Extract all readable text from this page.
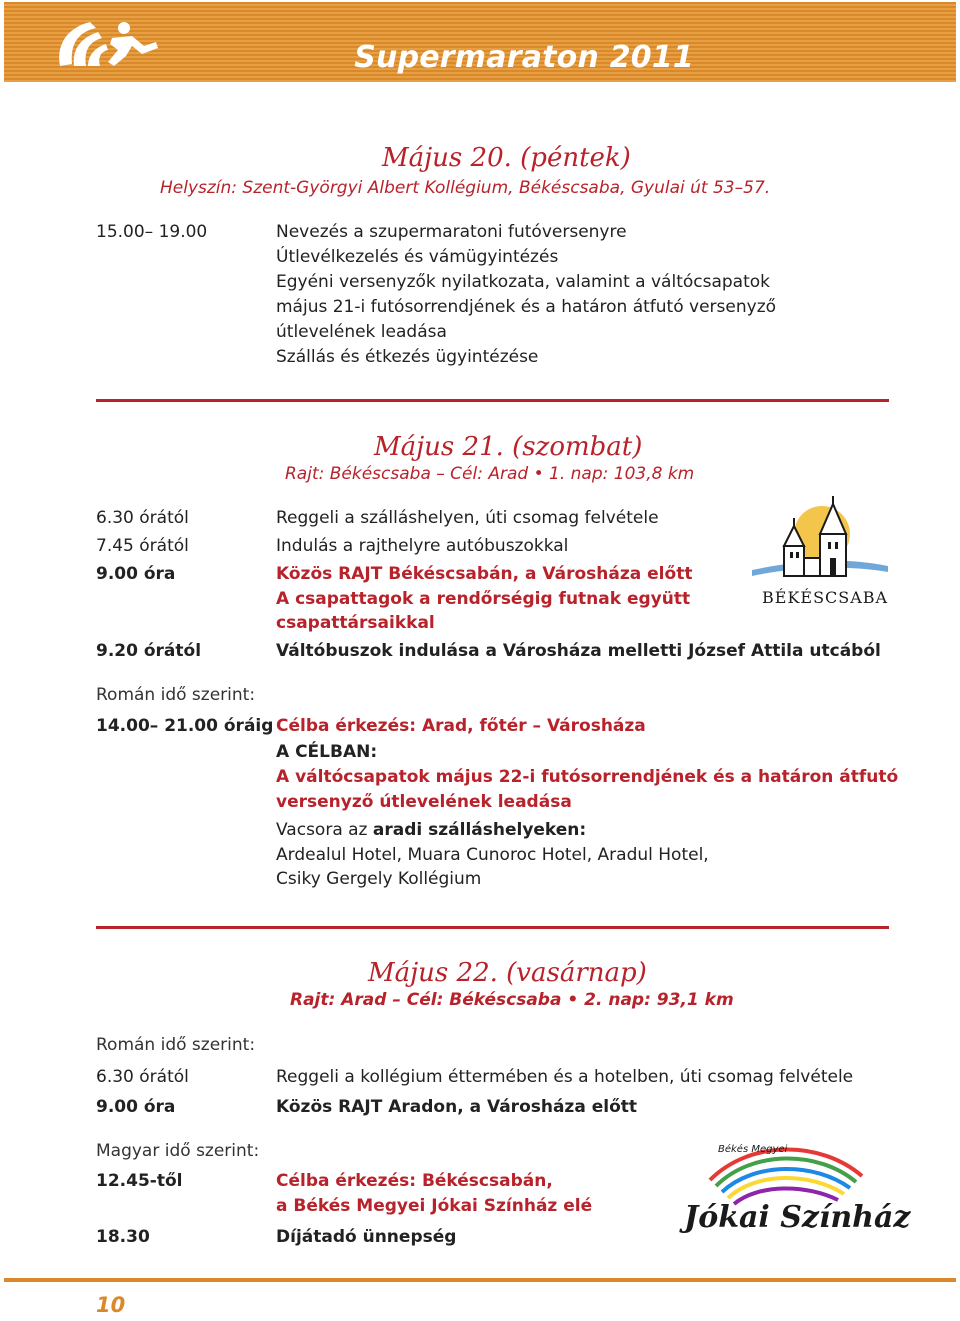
Supermaraton 2011
Május 20. (péntek)
Helyszín: Szent-Györgyi Albert Kollégium, Békéscsaba, Gyulai út 53–57.
15.00– 19.00	Nevezés a szupermaratoni futóversenyre
Útlevélkezelés és vámügyintézés
Egyéni versenyzők nyilatkozata, valamint a váltócsapatok
május 21-i futósorrendjének és a határon átfutó versenyző
útlevelének leadása
Szállás és étkezés ügyintézése
Május 21. (szombat)
Rajt: Békéscsaba – Cél: Arad • 1. nap: 103,8 km
6.30 órától	Reggeli a szálláshelyen, úti csomag felvétele
7.45 órától	Indulás a rajthelyre autóbuszokkal
9.00 óra	Közös RAJT Békéscsabán, a Városháza előtt
A csapattagok a rendőrségig futnak együtt
csapattársaikkal
9.20 órától	Váltóbuszok indulása a Városháza melletti József Attila utcából
BÉKÉSCSABA
Román idő szerint:
14.00– 21.00 óráig Célba érkezés: Arad, főtér – Városháza
A CÉLBAN:
A váltócsapatok május 22-i futósorrendjének és a határon átfutó
versenyző útlevelének leadása
Vacsora az aradi szálláshelyeken:
Ardealul Hotel, Muara Cunoroc Hotel, Aradul Hotel,
Csiky Gergely Kollégium
Május 22. (vasárnap)
Rajt: Arad – Cél: Békéscsaba • 2. nap: 93,1 km
Román idő szerint:
6.30 órától	Reggeli a kollégium éttermében és a hotelben, úti csomag felvétele
9.00 óra	Közös RAJT Aradon, a Városháza előtt
Magyar idő szerint:
12.45-től	Célba érkezés: Békéscsabán,
a Békés Megyei Jókai Színház elé
18.30	Díjátadó ünnepség
Békés Megyei
Jókai Színház
10
